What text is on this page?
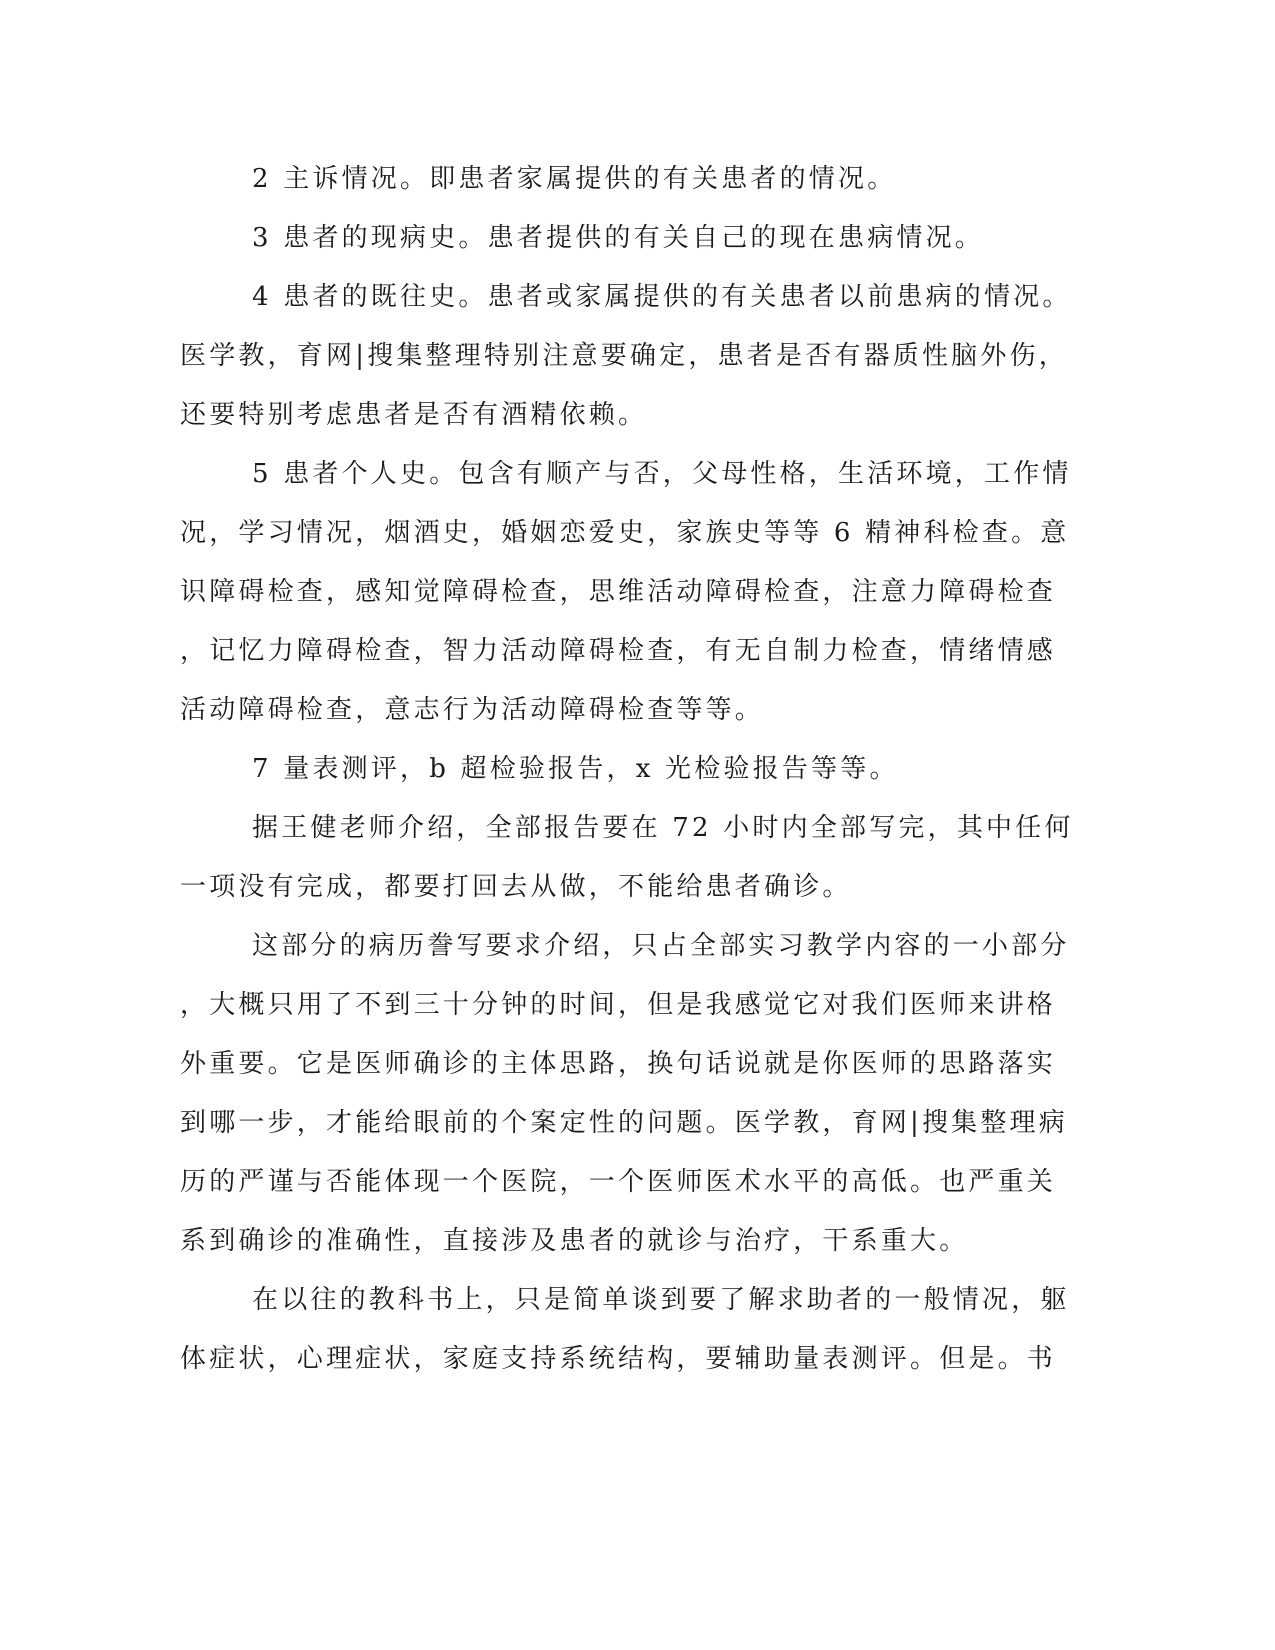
2 主诉情况。即患者家属提供的有关患者的情况。
3 患者的现病史。患者提供的有关自己的现在患病情况。
4 患者的既往史。患者或家属提供的有关患者以前患病的情况。
医学教，育网|搜集整理特别注意要确定，患者是否有器质性脑外伤，
还要特别考虑患者是否有酒精依赖。
5 患者个人史。包含有顺产与否，父母性格，生活环境，工作情
况，学习情况，烟酒史，婚姻恋爱史，家族史等等 6 精神科检查。意
识障碍检查，感知觉障碍检查，思维活动障碍检查，注意力障碍检查
，记忆力障碍检查，智力活动障碍检查，有无自制力检查，情绪情感
活动障碍检查，意志行为活动障碍检查等等。
7 量表测评，b 超检验报告，x 光检验报告等等。
据王健老师介绍，全部报告要在 72 小时内全部写完，其中任何
一项没有完成，都要打回去从做，不能给患者确诊。
这部分的病历誊写要求介绍，只占全部实习教学内容的一小部分
，大概只用了不到三十分钟的时间，但是我感觉它对我们医师来讲格
外重要。它是医师确诊的主体思路，换句话说就是你医师的思路落实
到哪一步，才能给眼前的个案定性的问题。医学教，育网|搜集整理病
历的严谨与否能体现一个医院，一个医师医术水平的高低。也严重关
系到确诊的准确性，直接涉及患者的就诊与治疗，干系重大。
在以往的教科书上，只是简单谈到要了解求助者的一般情况，躯
体症状，心理症状，家庭支持系统结构，要辅助量表测评。但是。书
